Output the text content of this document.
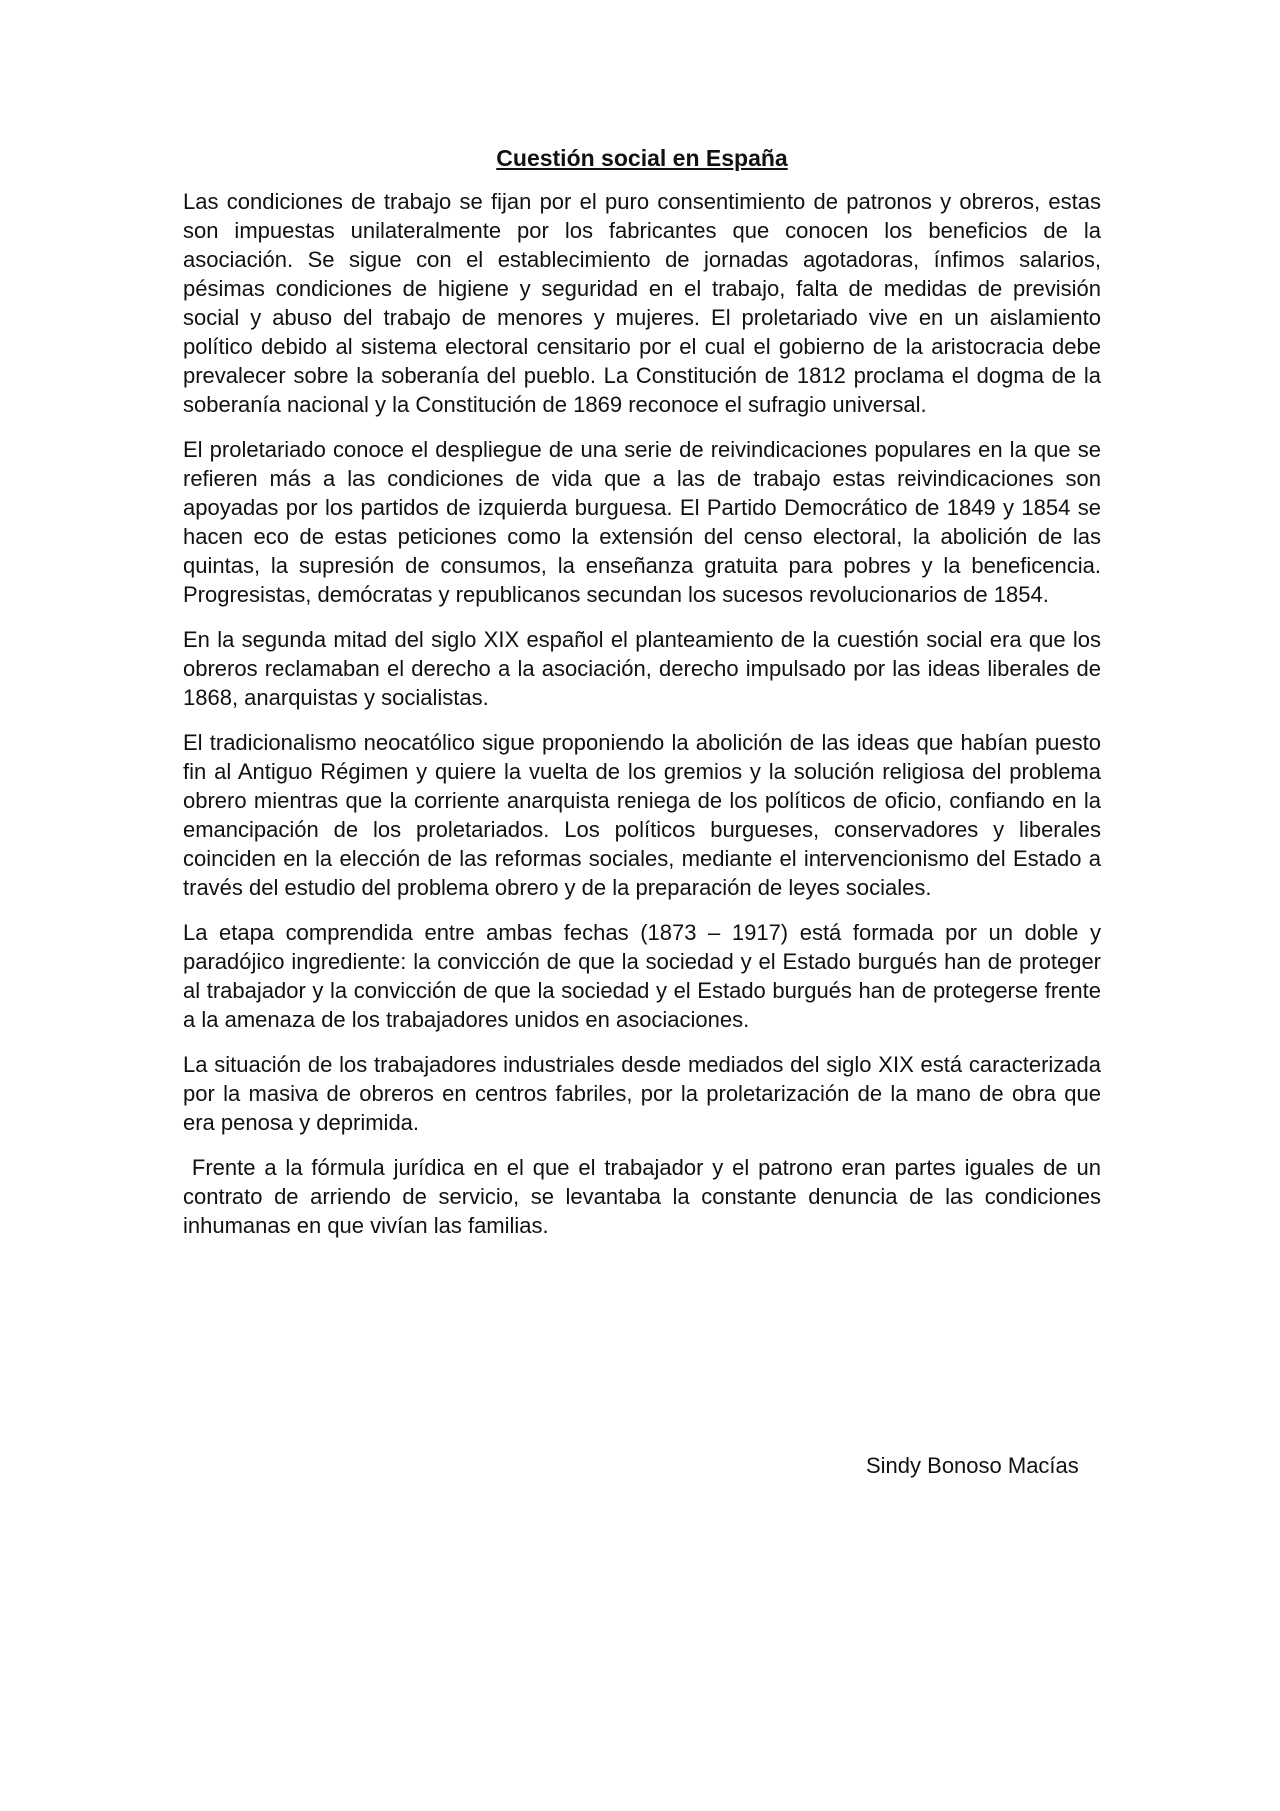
Cuestión social en España

Las condiciones de trabajo se fijan por el puro consentimiento de patronos y obreros, estas son impuestas unilateralmente por los fabricantes que conocen los beneficios de la asociación. Se sigue con el establecimiento de jornadas agotadoras, ínfimos salarios, pésimas condiciones de higiene y seguridad en el trabajo, falta de medidas de previsión social y abuso del trabajo de menores y mujeres. El proletariado vive en un aislamiento político debido al sistema electoral censitario por el cual el gobierno de la aristocracia debe prevalecer sobre la soberanía del pueblo. La Constitución de 1812 proclama el dogma de la soberanía nacional y la Constitución de 1869 reconoce el sufragio universal.

El proletariado conoce el despliegue de una serie de reivindicaciones populares en la que se refieren más a las condiciones de vida que a las de trabajo estas reivindicaciones son apoyadas por los partidos de izquierda burguesa. El Partido Democrático de 1849 y 1854 se hacen eco de estas peticiones como la extensión del censo electoral, la abolición de las quintas, la supresión de consumos, la enseñanza gratuita para pobres y la beneficencia. Progresistas, demócratas y republicanos secundan los sucesos revolucionarios de 1854.

En la segunda mitad del siglo XIX español el planteamiento de la cuestión social era que los obreros reclamaban el derecho a la asociación, derecho impulsado por las ideas liberales de 1868, anarquistas y socialistas.

El tradicionalismo neocatólico sigue proponiendo la abolición de las ideas que habían puesto fin al Antiguo Régimen y quiere la vuelta de los gremios y la solución religiosa del problema obrero mientras que la corriente anarquista reniega de los políticos de oficio, confiando en la emancipación de los proletariados. Los políticos burgueses, conservadores y liberales coinciden en la elección de las reformas sociales, mediante el intervencionismo del Estado a través del estudio del problema obrero y de la preparación de leyes sociales.

La etapa comprendida entre ambas fechas (1873 – 1917) está formada por un doble y paradójico ingrediente: la convicción de que la sociedad y el Estado burgués han de proteger al trabajador y la convicción de que la sociedad y el Estado burgués han de protegerse frente a la amenaza de los trabajadores unidos en asociaciones.

La situación de los trabajadores industriales desde mediados del siglo XIX está caracterizada por la masiva de obreros en centros fabriles, por la proletarización de la mano de obra que era penosa y deprimida.

Frente a la fórmula jurídica en el que el trabajador y el patrono eran partes iguales de un contrato de arriendo de servicio, se levantaba la constante denuncia de las condiciones inhumanas en que vivían las familias.

Sindy Bonoso Macías
